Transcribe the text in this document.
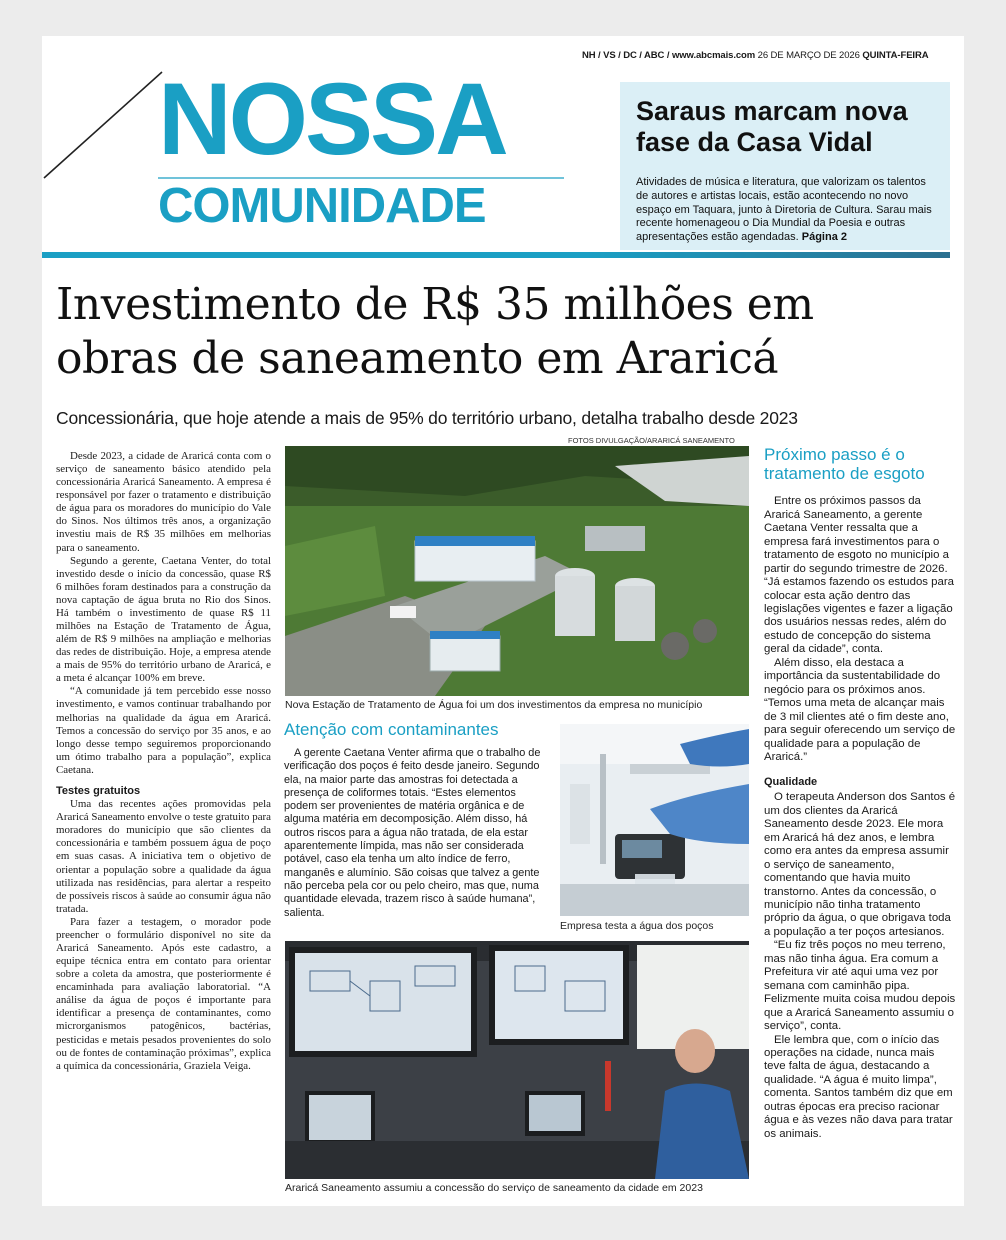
NH / VS / DC / ABC / www.abcmais.com 26 DE MARÇO DE 2026 QUINTA-FEIRA
NOSSA
COMUNIDADE
Saraus marcam nova fase da Casa Vidal
Atividades de música e literatura, que valorizam os talentos de autores e artistas locais, estão acontecendo no novo espaço em Taquara, junto à Diretoria de Cultura. Sarau mais recente homenageou o Dia Mundial da Poesia e outras apresentações estão agendadas. Página 2
Investimento de R$ 35 milhões em obras de saneamento em Araricá
Concessionária, que hoje atende a mais de 95% do território urbano, detalha trabalho desde 2023

Desde 2023, a cidade de Araricá conta com o serviço de saneamento básico atendido pela concessionária Araricá Saneamento. A empresa é responsável por fazer o tratamento e distribuição de água para os moradores do município do Vale do Sinos. Nos últimos três anos, a organização investiu mais de R$ 35 milhões em melhorias para o saneamento.

Segundo a gerente, Caetana Venter, do total investido desde o início da concessão, quase R$ 6 milhões foram destinados para a construção da nova captação de água bruta no Rio dos Sinos. Há também o investimento de quase R$ 11 milhões na Estação de Tratamento de Água, além de R$ 9 milhões na ampliação e melhorias das redes de distribuição. Hoje, a empresa atende a mais de 95% do território urbano de Araricá, e a meta é alcançar 100% em breve.

“A comunidade já tem percebido esse nosso investimento, e vamos continuar trabalhando por melhorias na qualidade da água em Araricá. Temos a concessão do serviço por 35 anos, e ao longo desse tempo seguiremos proporcionando um ótimo trabalho para a população”, explica Caetana.

Testes gratuitos

Uma das recentes ações promovidas pela Araricá Saneamento envolve o teste gratuito para moradores do município que são clientes da concessionária e também possuem água de poço em suas casas. A iniciativa tem o objetivo de orientar a população sobre a qualidade da água utilizada nas residências, para alertar a respeito de possíveis riscos à saúde ao consumir água não tratada.

Para fazer a testagem, o morador pode preencher o formulário disponível no site da Araricá Saneamento. Após este cadastro, a equipe técnica entra em contato para orientar sobre a coleta da amostra, que posteriormente é encaminhada para avaliação laboratorial. “A análise da água de poços é importante para identificar a presença de contaminantes, como microrganismos patogênicos, bactérias, pesticidas e metais pesados provenientes do solo ou de fontes de contaminação próximas”, explica a química da concessionária, Graziela Veiga.

FOTOS DIVULGAÇÃO/ARARICÁ SANEAMENTO
Nova Estação de Tratamento de Água foi um dos investimentos da empresa no município
Atenção com contaminantes

A gerente Caetana Venter afirma que o trabalho de verificação dos poços é feito desde janeiro. Segundo ela, na maior parte das amostras foi detectada a presença de coliformes totais. “Estes elementos podem ser provenientes de matéria orgânica e de alguma matéria em decomposição. Além disso, há outros riscos para a água não tratada, de ela estar aparentemente límpida, mas não ser considerada potável, caso ela tenha um alto índice de ferro, manganês e alumínio. São coisas que talvez a gente não perceba pela cor ou pelo cheiro, mas que, numa quantidade elevada, trazem risco à saúde humana”, salienta.

Empresa testa a água dos poços
Araricá Saneamento assumiu a concessão do serviço de saneamento da cidade em 2023
Próximo passo é o tratamento de esgoto

Entre os próximos passos da Araricá Saneamento, a gerente Caetana Venter ressalta que a empresa fará investimentos para o tratamento de esgoto no município a partir do segundo trimestre de 2026. “Já estamos fazendo os estudos para colocar esta ação dentro das legislações vigentes e fazer a ligação dos usuários nessas redes, além do estudo de concepção do sistema geral da cidade”, conta.

Além disso, ela destaca a importância da sustentabilidade do negócio para os próximos anos. “Temos uma meta de alcançar mais de 3 mil clientes até o fim deste ano, para seguir oferecendo um serviço de qualidade para a população de Araricá.”

Qualidade

O terapeuta Anderson dos Santos é um dos clientes da Araricá Saneamento desde 2023. Ele mora em Araricá há dez anos, e lembra como era antes da empresa assumir o serviço de saneamento, comentando que havia muito transtorno. Antes da concessão, o município não tinha tratamento próprio da água, o que obrigava toda a população a ter poços artesianos.

“Eu fiz três poços no meu terreno, mas não tinha água. Era comum a Prefeitura vir até aqui uma vez por semana com caminhão pipa. Felizmente muita coisa mudou depois que a Araricá Saneamento assumiu o serviço”, conta.

Ele lembra que, com o início das operações na cidade, nunca mais teve falta de água, destacando a qualidade. “A água é muito limpa”, comenta. Santos também diz que em outras épocas era preciso racionar água e às vezes não dava para tratar os animais.
